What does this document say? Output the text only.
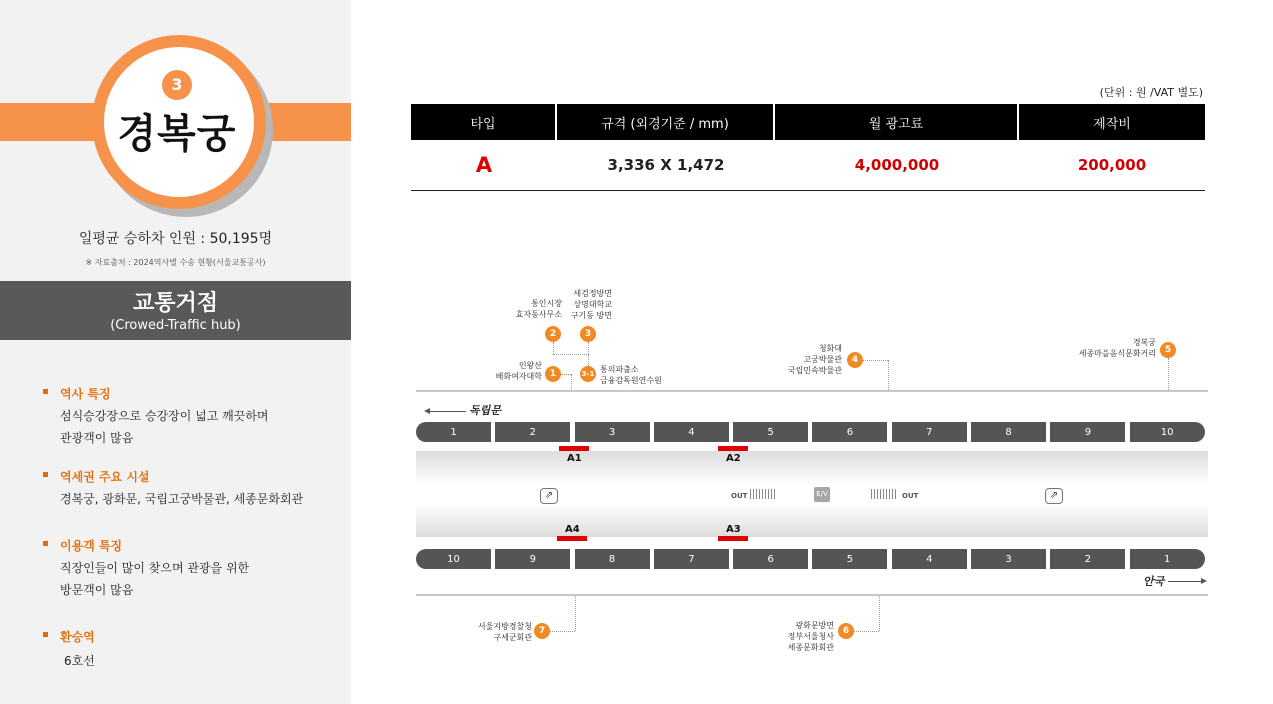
3
경복궁
일평균 승하차 인원 : 50,195명
※ 자료출처 : 2024역사별 수송 현황(서울교통공사)
교통거점
(Crowed-Traffic hub)
역사 특징
섬식승강장으로 승강장이 넓고 깨끗하며
관광객이 많음
역세권 주요 시설
경복궁, 광화문, 국립고궁박물관, 세종문화회관
이용객 특징
직장인들이 많이 찾으며 관광을 위한
방문객이 많음
환승역
6호선
(단위 : 원 /VAT 별도)
타입	규격 (외경기준 / mm)	월 광고료	제작비
A	3,336 X 1,472	4,000,000	200,000
인왕산
배화여자대학 1
통인시장
효자동사무소
2
세검정방면
상명대학교
구기동 방면
3
3-1 통의파출소
금융감독원연수원
청화대
고궁박물관
국립민속박물관
4
경복궁
세종마을음식문화거리 5
독립문
1	2	3	4	5	6	7	8	9	10
A1	A2
⇗	OUT	E/V	OUT	⇗
A4	A3
10	9	8	7	6	5	4	3	2	1
안국
서울지방경찰청
구세군회관
7
광화문방면
정부서울청사
세종문화회관
6
